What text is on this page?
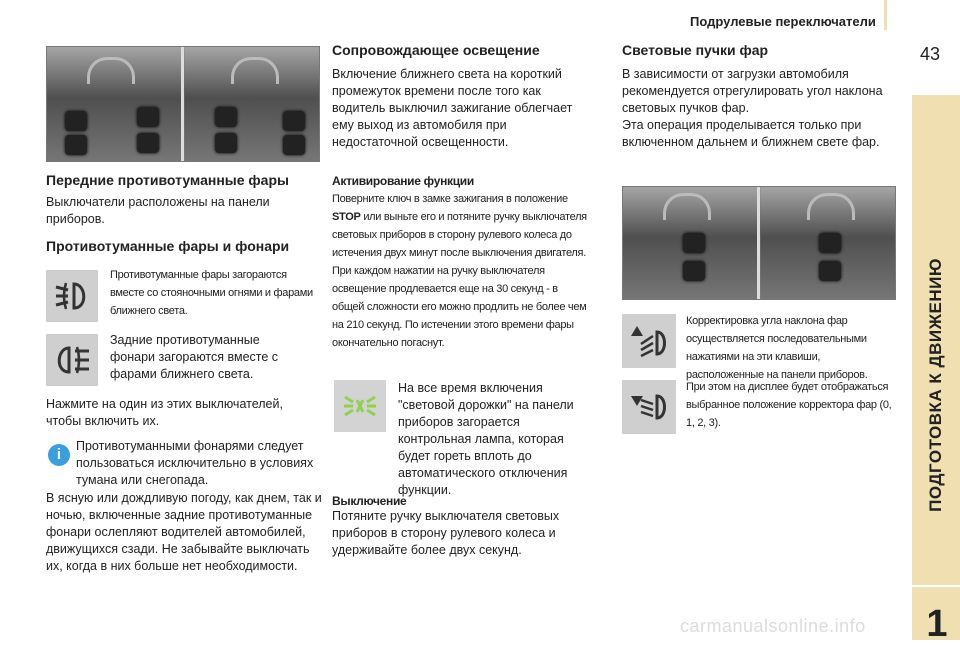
Подрулевые переключатели
43
ПОДГОТОВКА К ДВИЖЕНИЮ
1
Передние противотуманные фары
Выключатели расположены на панели приборов.
Противотуманные фары и фонари
Противотуманные фары загораются вместе со стояночными огнями и фарами ближнего света.
Задние противотуманные фонари загораются вместе с фарами ближнего света.
Нажмите на один из этих выключателей, чтобы включить их.
i	Противотуманными фонарями следует пользоваться исключительно в условиях тумана или снегопада.
В ясную или дождливую погоду, как днем, так и ночью, включенные задние противотуманные фонари ослепляют водителей автомобилей, движущихся сзади. Не забывайте выключать их, когда в них больше нет необходимости.
Сопровождающее освещение
Включение ближнего света на короткий промежуток времени после того как водитель выключил зажигание облегчает ему выход из автомобиля при недостаточной освещенности.
Активирование функции
Поверните ключ в замке зажигания в положение STOP или выньте его и потяните ручку выключателя световых приборов в сторону рулевого колеса до истечения двух минут после выключения двигателя. При каждом нажатии на ручку выключателя освещение продлевается еще на 30 секунд - в общей сложности его можно продлить не более чем на 210 секунд. По истечении этого времени фары окончательно погаснут.
На все время включения "световой дорожки" на панели приборов загорается контрольная лампа, которая будет гореть вплоть до автоматического отключения функции.
Выключение
Потяните ручку выключателя световых приборов в сторону рулевого колеса и удерживайте более двух секунд.
Световые пучки фар
В зависимости от загрузки автомобиля рекомендуется отрегулировать угол наклона световых пучков фар.
Эта операция проделывается только при включенном дальнем и ближнем свете фар.
Корректировка угла наклона фар осуществляется последовательными нажатиями на эти клавиши, расположенные на панели приборов.
При этом на дисплее будет отображаться выбранное положение корректора фар (0, 1, 2, 3).
carmanualsonline.info
